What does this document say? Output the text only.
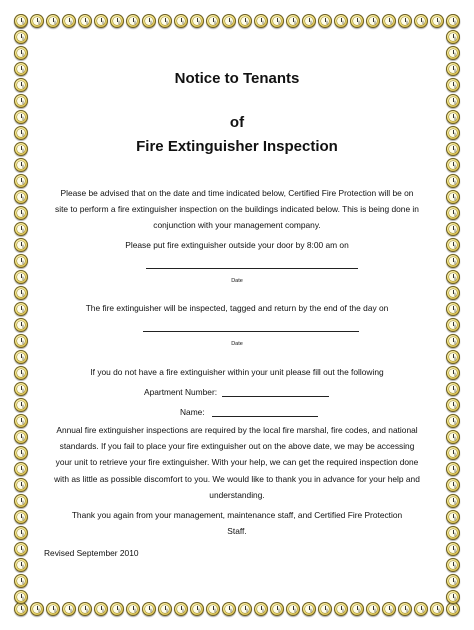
Notice to Tenants
of
Fire Extinguisher Inspection
Please be advised that on the date and time indicated below, Certified Fire Protection will be on site to perform a fire extinguisher inspection on the buildings indicated below. This is being done in conjunction with your management company.
Please put fire extinguisher outside your door by 8:00 am on
Date
The fire extinguisher will be inspected, tagged and return by the end of the day on
Date
If you do not have a fire extinguisher within your unit please fill out the following
Apartment Number:
Name:
Annual fire extinguisher inspections are required by the local fire marshal, fire codes, and national standards. If you fail to place your fire extinguisher out on the above date, we may be accessing your unit to retrieve your fire extinguisher. With your help, we can get the required inspection done with as little as possible discomfort to you. We would like to thank you in advance for your help and understanding.
Thank you again from your management, maintenance staff, and Certified Fire Protection Staff.
Revised September 2010
